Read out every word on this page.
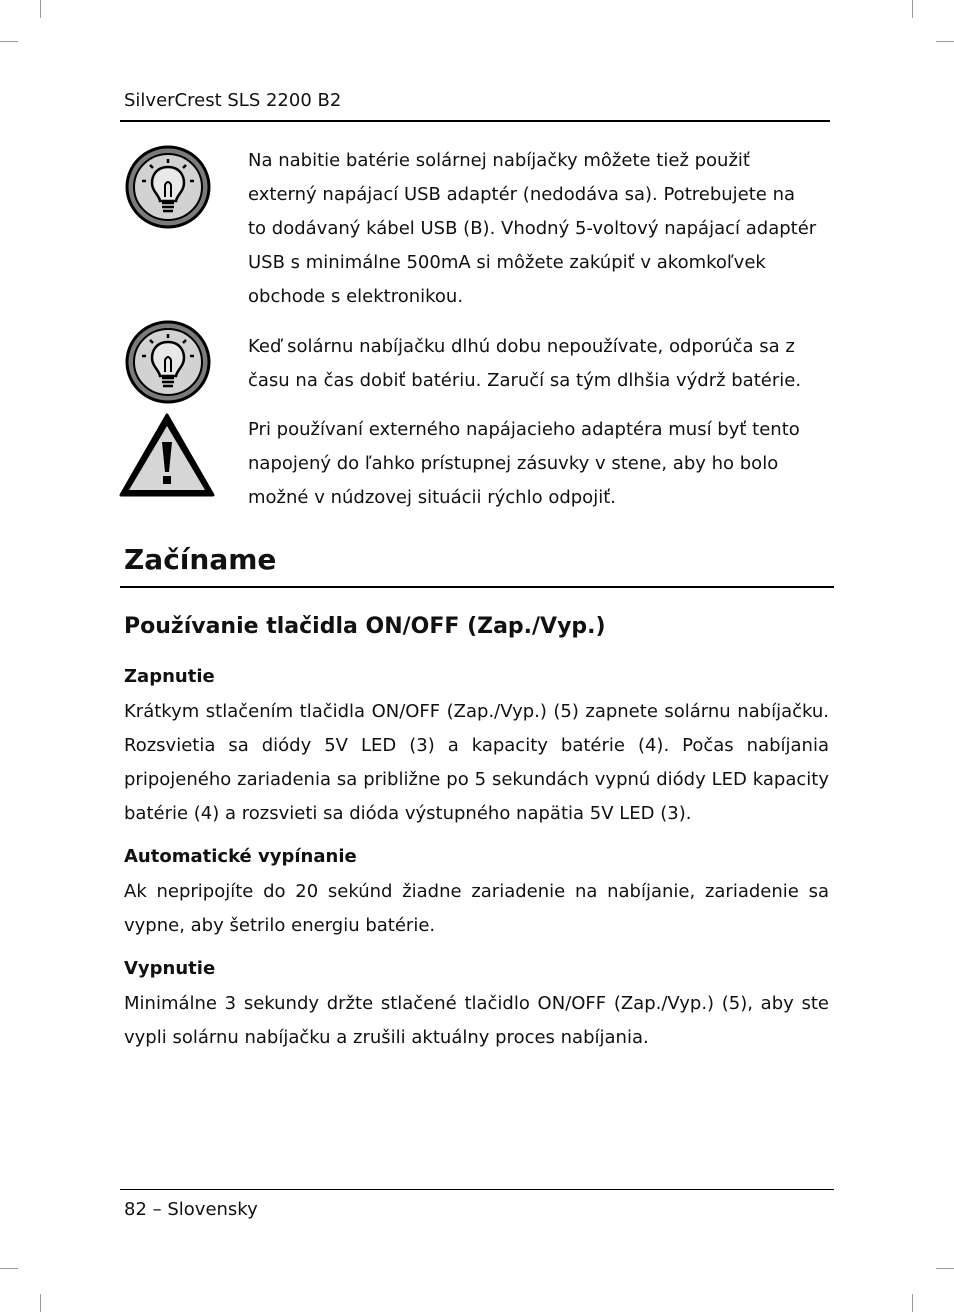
SilverCrest SLS 2200 B2
Na nabitie batérie solárnej nabíjačky môžete tiež použiť externý napájací USB adaptér (nedodáva sa). Potrebujete na to dodávaný kábel USB (B). Vhodný 5-voltový napájací adaptér USB s minimálne 500mA si môžete zakúpiť v akomkoľvek obchode s elektronikou.
Keď solárnu nabíjačku dlhú dobu nepoužívate, odporúča sa z času na čas dobiť batériu. Zaručí sa tým dlhšia výdrž batérie.
Pri používaní externého napájacieho adaptéra musí byť tento napojený do ľahko prístupnej zásuvky v stene, aby ho bolo možné v núdzovej situácii rýchlo odpojiť.
Začíname
Používanie tlačidla ON/OFF (Zap./Vyp.)
Zapnutie
Krátkym stlačením tlačidla ON/OFF (Zap./Vyp.) (5) zapnete solárnu nabíjačku. Rozsvietia sa diódy 5V LED (3) a kapacity batérie (4). Počas nabíjania pripojeného zariadenia sa približne po 5 sekundách vypnú diódy LED kapacity batérie (4) a rozsvieti sa dióda výstupného napätia 5V LED (3).
Automatické vypínanie
Ak nepripojíte do 20 sekúnd žiadne zariadenie na nabíjanie, zariadenie sa vypne, aby šetrilo energiu batérie.
Vypnutie
Minimálne 3 sekundy držte stlačené tlačidlo ON/OFF (Zap./Vyp.) (5), aby ste vypli solárnu nabíjačku a zrušili aktuálny proces nabíjania.
82 – Slovensky
